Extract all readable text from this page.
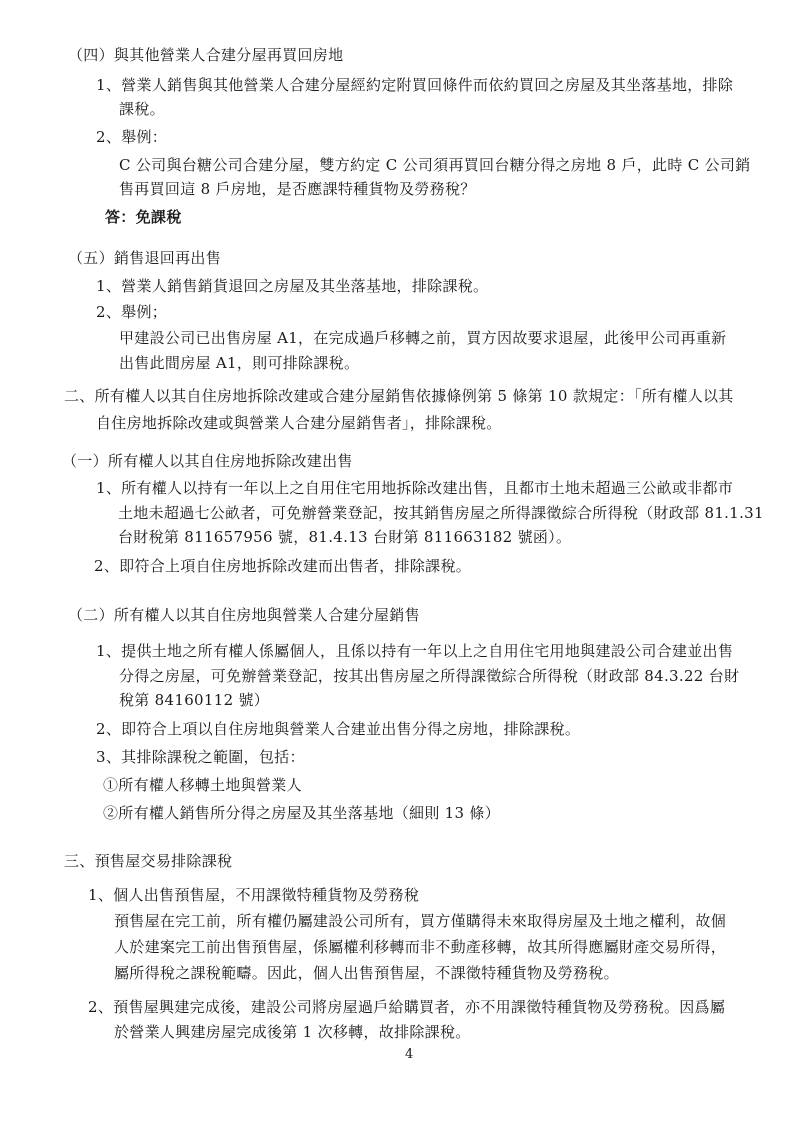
（四）與其他營業人合建分屋再買回房地
1、營業人銷售與其他營業人合建分屋經約定附買回條件而依約買回之房屋及其坐落基地，排除
課稅。
2、舉例：
C 公司與台糖公司合建分屋，雙方約定 C 公司須再買回台糖分得之房地 8 戶，此時 C 公司銷
售再買回這 8 戶房地，是否應課特種貨物及勞務稅？
答：免課稅
（五）銷售退回再出售
1、營業人銷售銷貨退回之房屋及其坐落基地，排除課稅。
2、舉例；
甲建設公司已出售房屋 A1，在完成過戶移轉之前，買方因故要求退屋，此後甲公司再重新
出售此間房屋 A1，則可排除課稅。
二、所有權人以其自住房地拆除改建或合建分屋銷售依據條例第 5 條第 10 款規定：「所有權人以其
自住房地拆除改建或與營業人合建分屋銷售者」，排除課稅。
（一）所有權人以其自住房地拆除改建出售
1、所有權人以持有一年以上之自用住宅用地拆除改建出售，且都市土地未超過三公畝或非都市
土地未超過七公畝者，可免辦營業登記，按其銷售房屋之所得課徵綜合所得稅（財政部 81.1.31
台財稅第 811657956 號，81.4.13 台財第 811663182 號函）。
2、即符合上項自住房地拆除改建而出售者，排除課稅。
（二）所有權人以其自住房地與營業人合建分屋銷售
1、提供土地之所有權人係屬個人，且係以持有一年以上之自用住宅用地與建設公司合建並出售
分得之房屋，可免辦營業登記，按其出售房屋之所得課徵綜合所得稅（財政部 84.3.22 台財
稅第 84160112 號）
2、即符合上項以自住房地與營業人合建並出售分得之房地，排除課稅。
3、其排除課稅之範圍，包括：
①所有權人移轉土地與營業人
②所有權人銷售所分得之房屋及其坐落基地（細則 13 條）
三、預售屋交易排除課稅
1、個人出售預售屋，不用課徵特種貨物及勞務稅
預售屋在完工前，所有權仍屬建設公司所有，買方僅購得未來取得房屋及土地之權利，故個
人於建案完工前出售預售屋，係屬權利移轉而非不動產移轉，故其所得應屬財產交易所得，
屬所得稅之課稅範疇。因此，個人出售預售屋，不課徵特種貨物及勞務稅。
2、預售屋興建完成後，建設公司將房屋過戶給購買者，亦不用課徵特種貨物及勞務稅。因爲屬
於營業人興建房屋完成後第 1 次移轉，故排除課稅。
4
